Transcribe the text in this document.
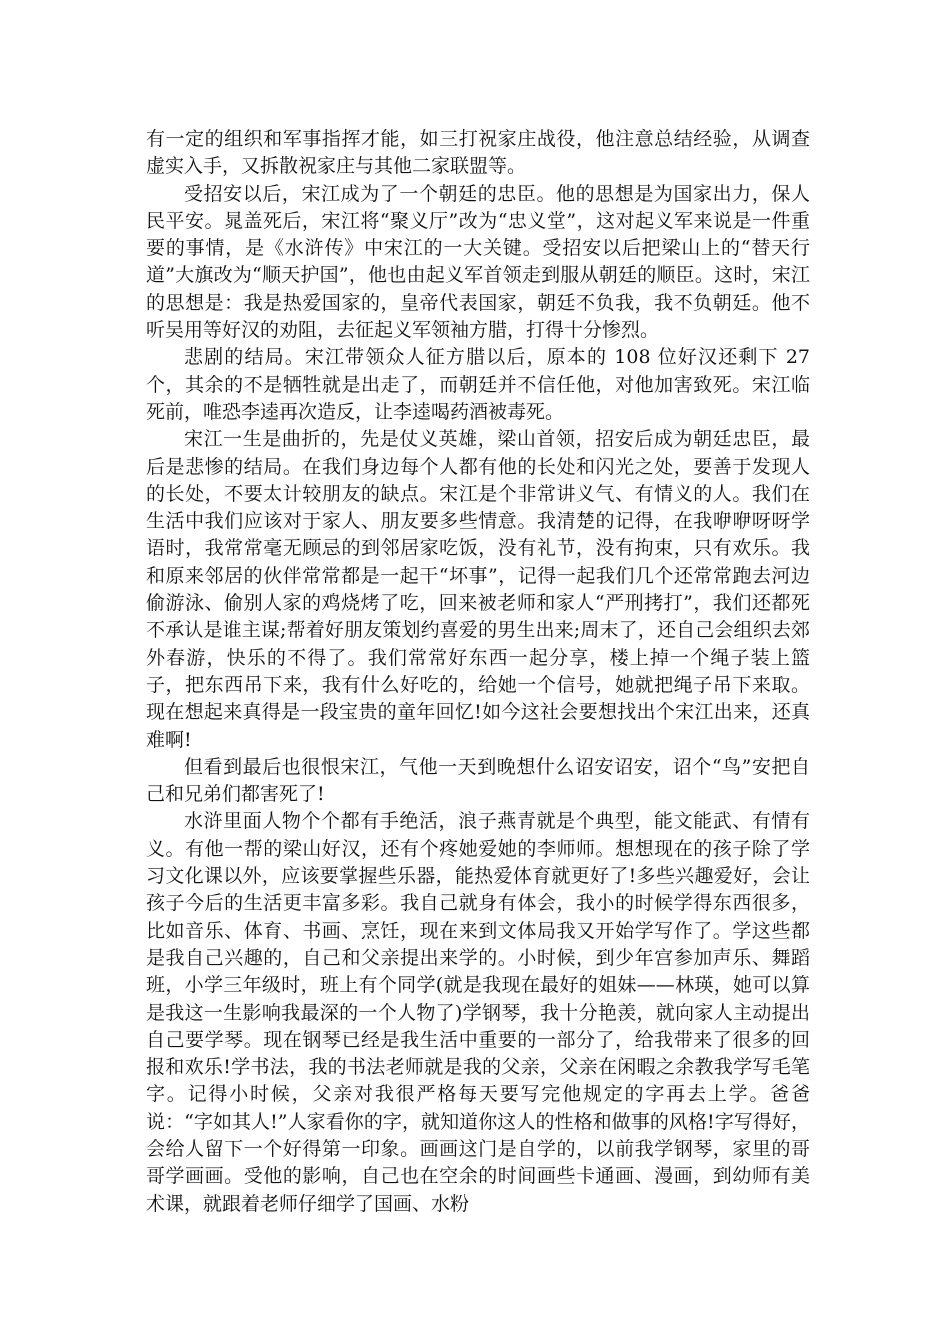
有一定的组织和军事指挥才能，如三打祝家庄战役，他注意总结经验，从调查虚实入手，又拆散祝家庄与其他二家联盟等。

受招安以后，宋江成为了一个朝廷的忠臣。他的思想是为国家出力，保人民平安。晁盖死后，宋江将“聚义厅”改为“忠义堂”，这对起义军来说是一件重要的事情，是《水浒传》中宋江的一大关键。受招安以后把梁山上的“替天行道”大旗改为“顺天护国”，他也由起义军首领走到服从朝廷的顺臣。这时，宋江的思想是：我是热爱国家的，皇帝代表国家，朝廷不负我，我不负朝廷。他不听吴用等好汉的劝阻，去征起义军领袖方腊，打得十分惨烈。

悲剧的结局。宋江带领众人征方腊以后，原本的 108 位好汉还剩下 27 个，其余的不是牺牲就是出走了，而朝廷并不信任他，对他加害致死。宋江临死前，唯恐李逵再次造反，让李逵喝药酒被毒死。

宋江一生是曲折的，先是仗义英雄，梁山首领，招安后成为朝廷忠臣，最后是悲惨的结局。在我们身边每个人都有他的长处和闪光之处，要善于发现人的长处，不要太计较朋友的缺点。宋江是个非常讲义气、有情义的人。我们在生活中我们应该对于家人、朋友要多些情意。我清楚的记得，在我咿咿呀呀学语时，我常常毫无顾忌的到邻居家吃饭，没有礼节，没有拘束，只有欢乐。我和原来邻居的伙伴常常都是一起干“坏事”，记得一起我们几个还常常跑去河边偷游泳、偷别人家的鸡烧烤了吃，回来被老师和家人“严刑拷打”，我们还都死不承认是谁主谋;帮着好朋友策划约喜爱的男生出来;周末了，还自己会组织去郊外春游，快乐的不得了。我们常常好东西一起分享，楼上掉一个绳子装上篮子，把东西吊下来，我有什么好吃的，给她一个信号，她就把绳子吊下来取。现在想起来真得是一段宝贵的童年回忆!如今这社会要想找出个宋江出来，还真难啊!

但看到最后也很恨宋江，气他一天到晚想什么诏安诏安，诏个“鸟”安把自己和兄弟们都害死了!

水浒里面人物个个都有手绝活，浪子燕青就是个典型，能文能武、有情有义。有他一帮的梁山好汉，还有个疼她爱她的李师师。想想现在的孩子除了学习文化课以外，应该要掌握些乐器，能热爱体育就更好了!多些兴趣爱好，会让孩子今后的生活更丰富多彩。我自己就身有体会，我小的时候学得东西很多，比如音乐、体育、书画、烹饪，现在来到文体局我又开始学写作了。学这些都是我自己兴趣的，自己和父亲提出来学的。小时候，到少年宫参加声乐、舞蹈班，小学三年级时，班上有个同学(就是我现在最好的姐妹——林瑛，她可以算是我这一生影响我最深的一个人物了)学钢琴，我十分艳羡，就向家人主动提出自己要学琴。现在钢琴已经是我生活中重要的一部分了，给我带来了很多的回报和欢乐!学书法，我的书法老师就是我的父亲，父亲在闲暇之余教我学写毛笔字。记得小时候，父亲对我很严格每天要写完他规定的字再去上学。爸爸说：“字如其人!”人家看你的字，就知道你这人的性格和做事的风格!字写得好，会给人留下一个好得第一印象。画画这门是自学的，以前我学钢琴，家里的哥哥学画画。受他的影响，自己也在空余的时间画些卡通画、漫画，到幼师有美术课，就跟着老师仔细学了国画、水粉
